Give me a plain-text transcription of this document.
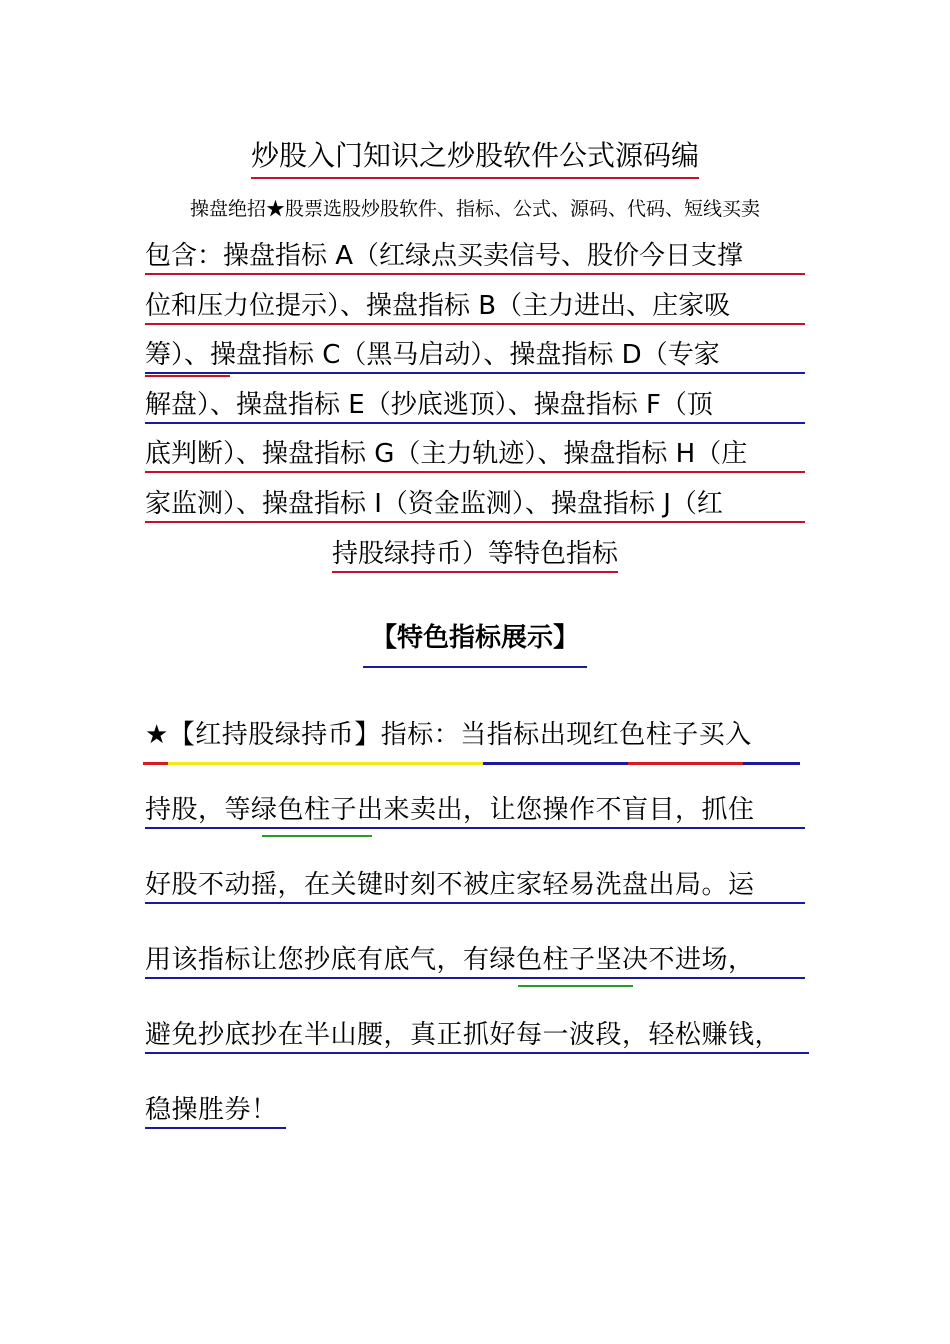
炒股入门知识之炒股软件公式源码编
操盘绝招★股票选股炒股软件、指标、公式、源码、代码、短线买卖
包含：操盘指标 A（红绿点买卖信号、股价今日支撑
位和压力位提示）、操盘指标 B（主力进出、庄家吸
筹）、操盘指标 C（黑马启动）、操盘指标 D（专家
解盘）、操盘指标 E（抄底逃顶）、操盘指标 F（顶
底判断）、操盘指标 G（主力轨迹）、操盘指标 H（庄
家监测）、操盘指标 I（资金监测）、操盘指标 J（红
持股绿持币）等特色指标
【特色指标展示】
★【红持股绿持币】指标：当指标出现红色柱子买入
持股，等绿色柱子出来卖出，让您操作不盲目，抓住
好股不动摇，在关键时刻不被庄家轻易洗盘出局。运
用该指标让您抄底有底气，有绿色柱子坚决不进场，
避免抄底抄在半山腰，真正抓好每一波段，轻松赚钱，
稳操胜券！
